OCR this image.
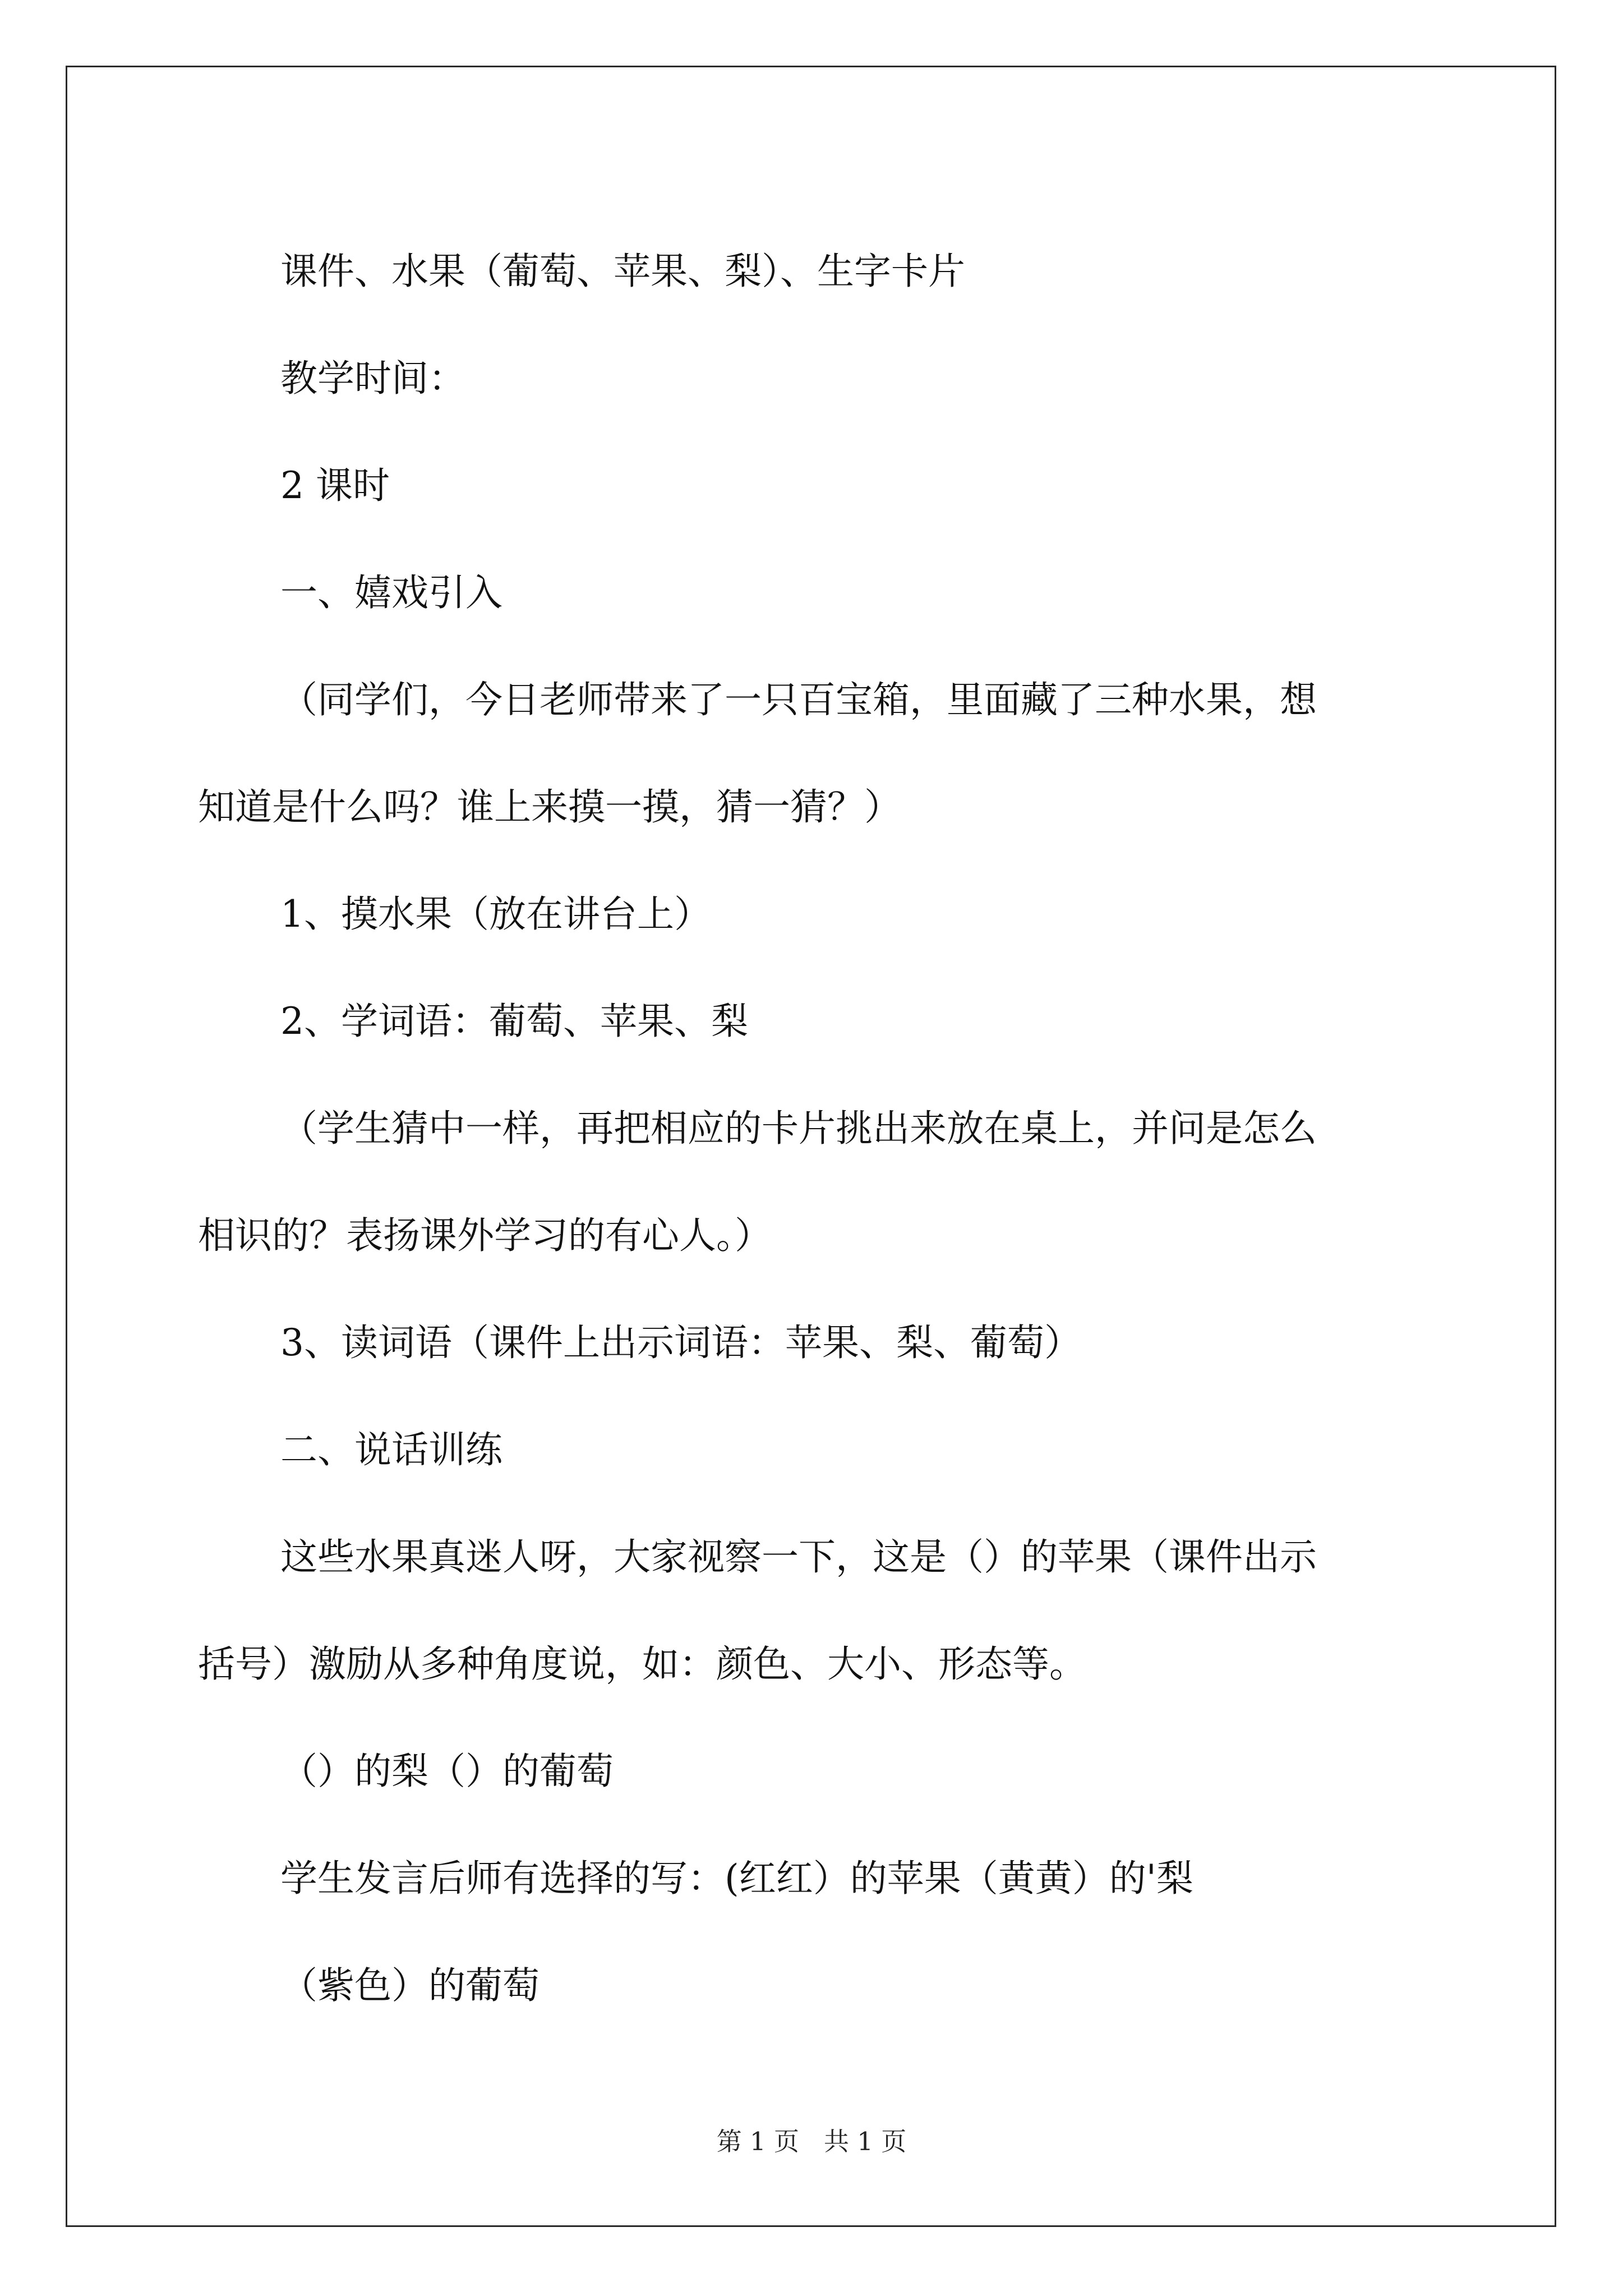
课件、水果（葡萄、苹果、梨）、生字卡片

教学时间：

2 课时

一、嬉戏引入

（同学们，今日老师带来了一只百宝箱，里面藏了三种水果，想

知道是什么吗？谁上来摸一摸，猜一猜？）

1、摸水果（放在讲台上）

2、学词语：葡萄、苹果、梨

（学生猜中一样，再把相应的卡片挑出来放在桌上，并问是怎么

相识的？表扬课外学习的有心人。）

3、读词语（课件上出示词语：苹果、梨、葡萄）

二、说话训练

这些水果真迷人呀，大家视察一下，这是（）的苹果（课件出示

括号）激励从多种角度说，如：颜色、大小、形态等。

（）的梨（）的葡萄

学生发言后师有选择的写：(红红）的苹果（黄黄）的'梨

（紫色）的葡萄

第 1 页 共 1 页
